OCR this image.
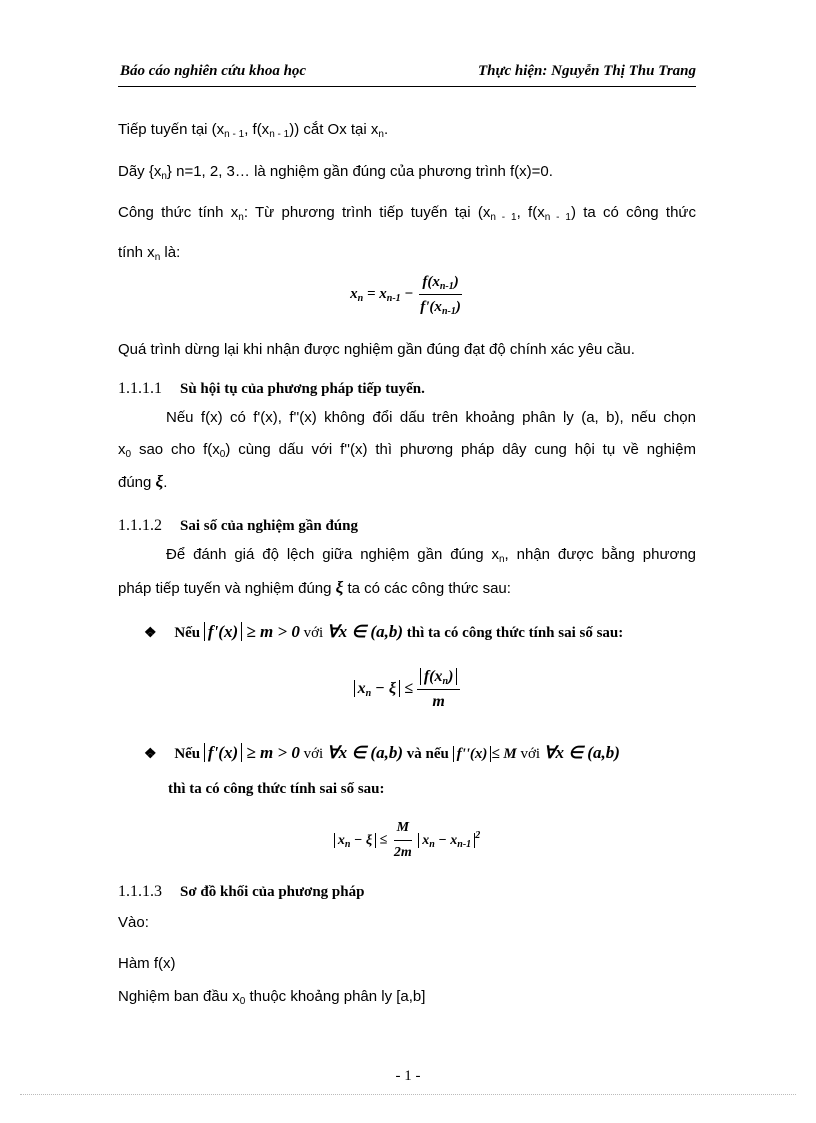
Báo cáo nghiên cứu khoa học	Thực hiện: Nguyễn Thị Thu Trang
Tiếp tuyến tại ($x_{n - 1}$, $f(x_{n - 1})$) cắt Ox tại $x_n$.
Dãy $\{x_n\}$ n=1, 2, 3… là nghiệm gần đúng của phương trình f(x)=0.
Công thức tính $x_n$: Từ phương trình tiếp tuyến tại ($x_{n - 1}$, $f(x_{n - 1})$ ta có công thức
tính $x_n$ là:
$x_n = x_{n-1} - \frac{f(x_{n-1})}{f'(x_{n-1})}$
Quá trình dừng lại khi nhận được nghiệm gần đúng đạt độ chính xác yêu cầu.
1.1.1.1 Sù hội tụ của phương pháp tiếp tuyến.
Nếu f(x) có f'(x), f''(x) không đổi dấu trên khoảng phân ly (a, b), nếu chọn
$x_0$ sao cho $f(x_0)$ cùng dấu với f''(x) thì phương pháp dây cung hội tụ về nghiệm
đúng ξ.
1.1.1.2 Sai số của nghiệm gần đúng
Để đánh giá độ lệch giữa nghiệm gần đúng $x_n$, nhận được bằng phương
pháp tiếp tuyến và nghiệm đúng ξ ta có các công thức sau:
❖ Nếu f'(x) ≥ m > 0 với ∀x ∈ (a,b) thì ta có công thức tính sai số sau:
$x_n - \xi \le \frac{f(x_n)}{m}$
❖ Nếu f'(x) ≥ m > 0 với ∀x ∈ (a,b) và nếu f''(x) ≤ M với ∀x ∈ (a,b)
thì ta có công thức tính sai số sau:
$x_n - \xi \le \frac{M}{2m} x_n - x_{n-1}^2$
1.1.1.3 Sơ đồ khối của phương pháp
Vào:
Hàm f(x)
Nghiệm ban đầu $x_0$ thuộc khoảng phân ly [a,b]
- 1 -
